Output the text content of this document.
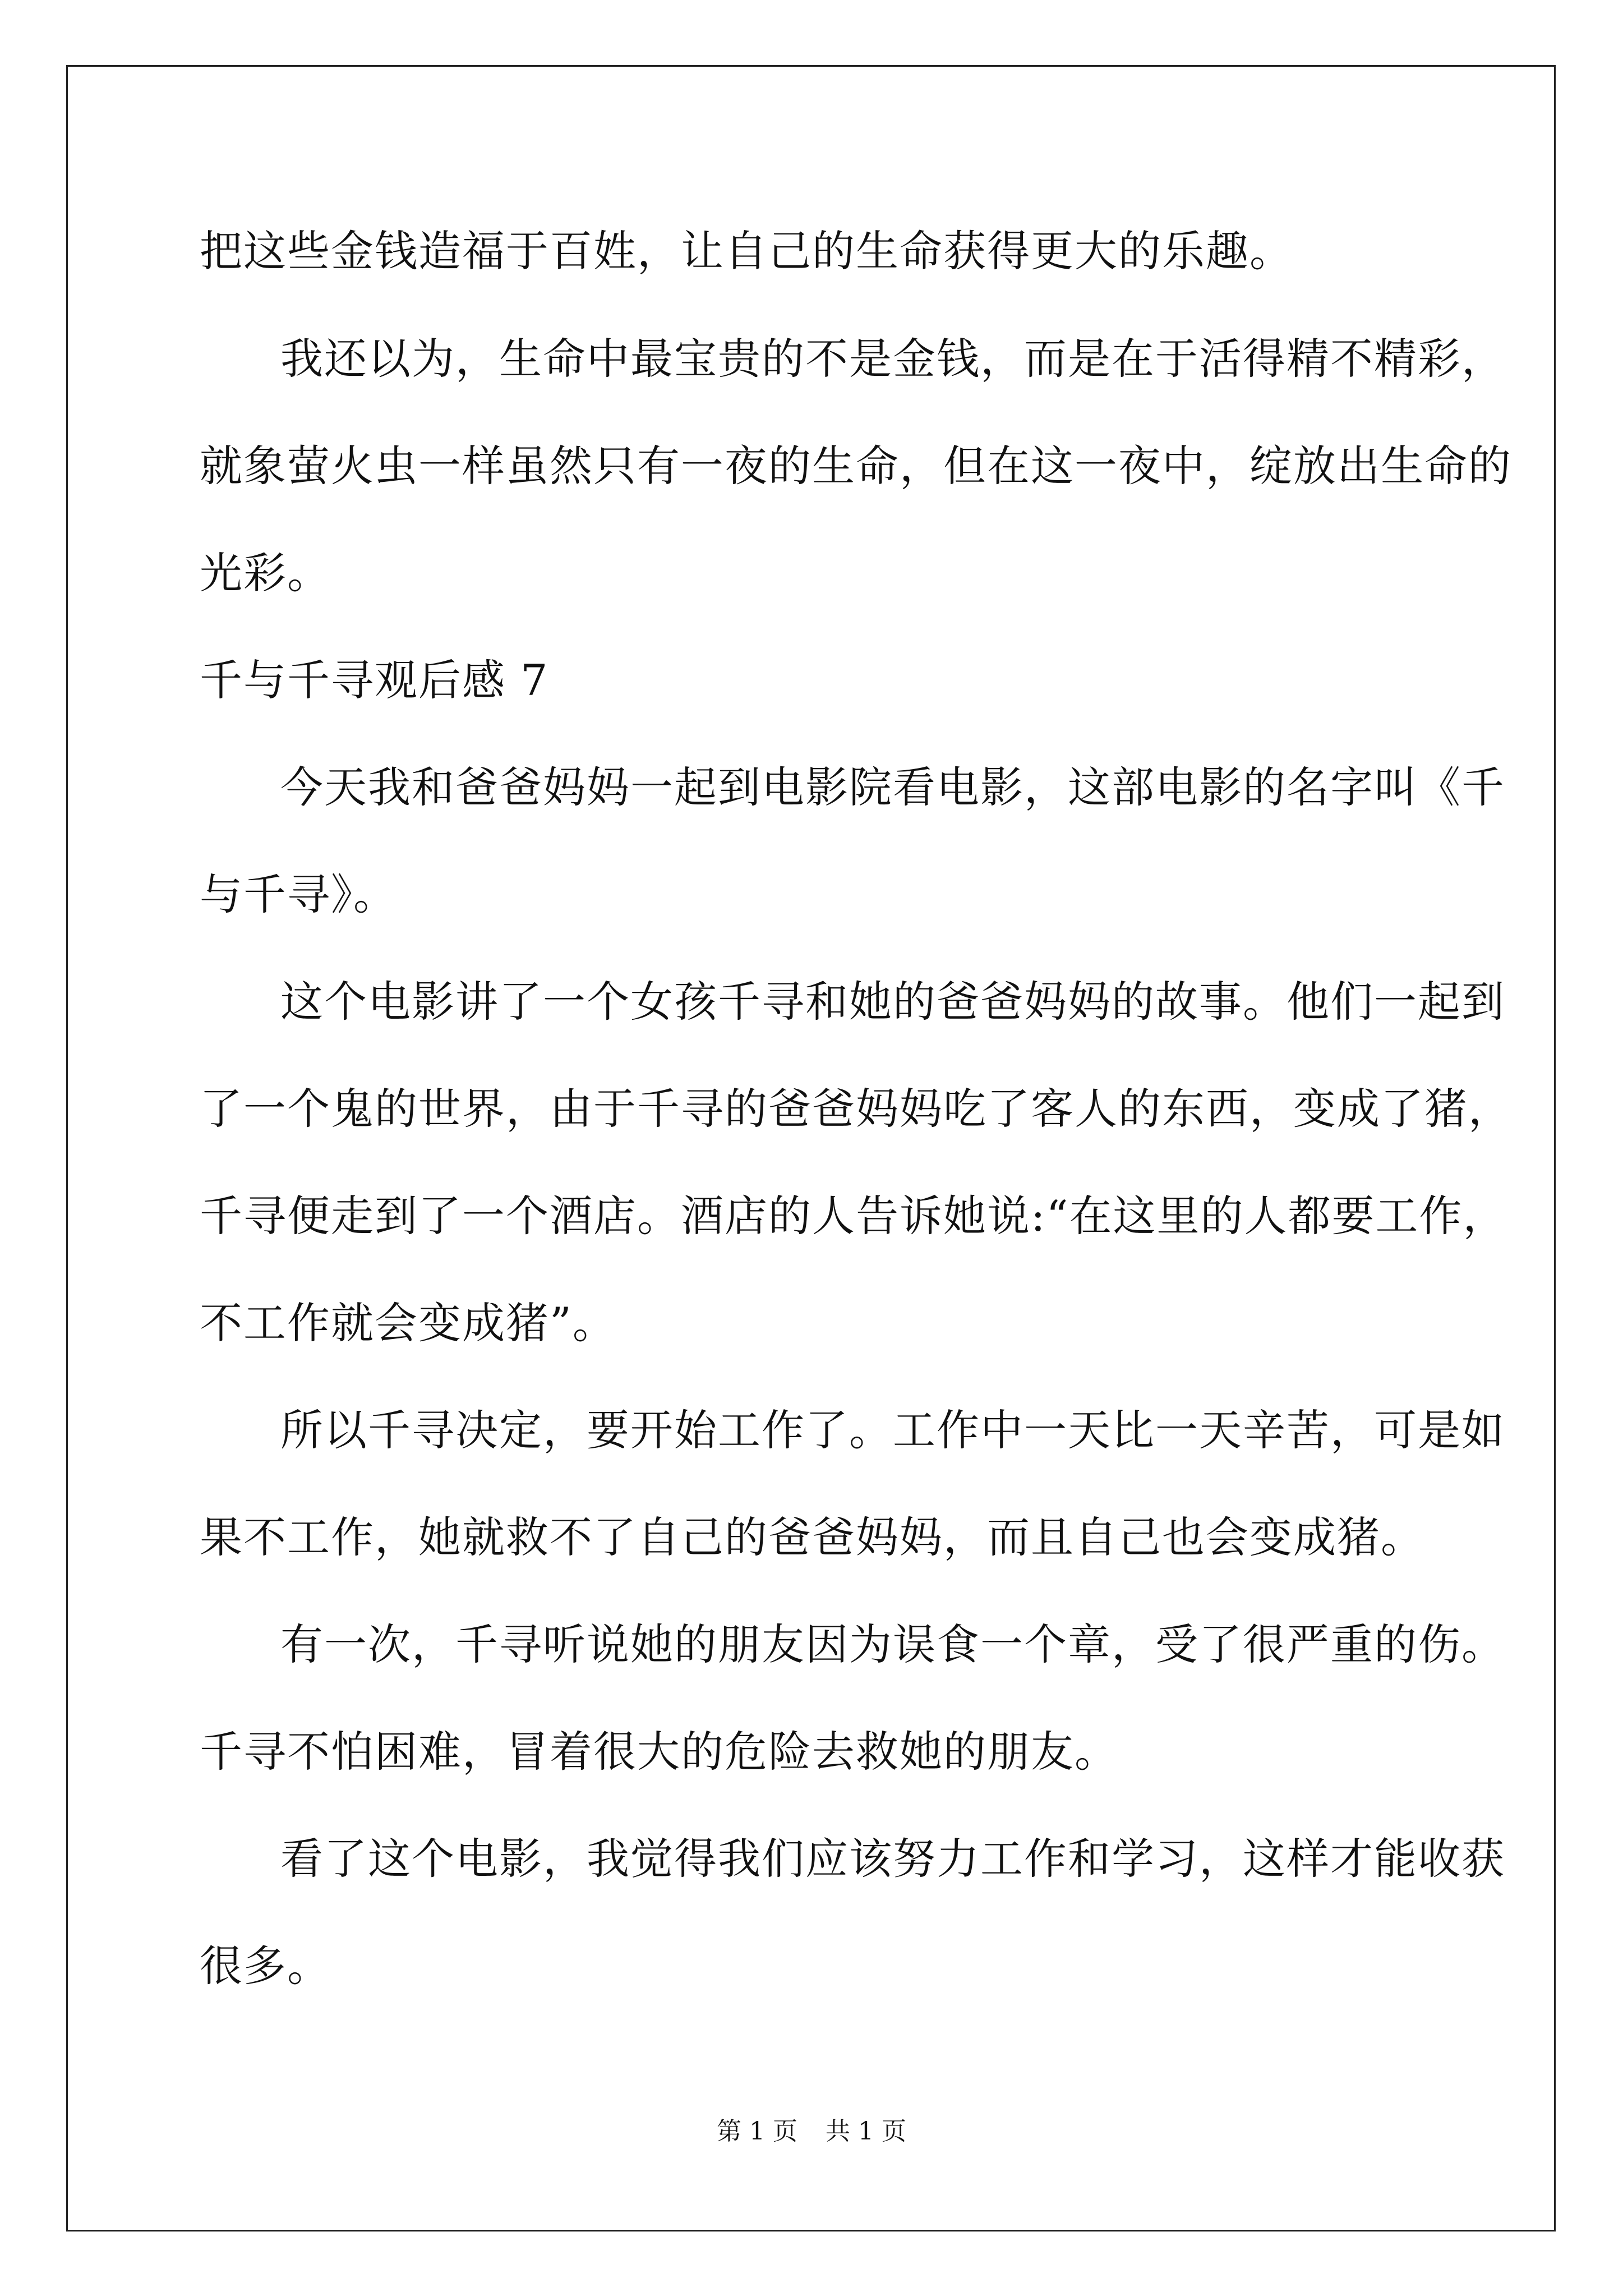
把这些金钱造福于百姓，让自己的生命获得更大的乐趣。
我还以为，生命中最宝贵的不是金钱，而是在于活得精不精彩，
就象萤火虫一样虽然只有一夜的生命，但在这一夜中，绽放出生命的
光彩。
千与千寻观后感 7
今天我和爸爸妈妈一起到电影院看电影，这部电影的名字叫《千
与千寻》。
这个电影讲了一个女孩千寻和她的爸爸妈妈的故事。他们一起到
了一个鬼的世界，由于千寻的爸爸妈妈吃了客人的东西，变成了猪，
千寻便走到了一个酒店。酒店的人告诉她说:“在这里的人都要工作，
不工作就会变成猪”。
所以千寻决定，要开始工作了。工作中一天比一天辛苦，可是如
果不工作，她就救不了自己的爸爸妈妈，而且自己也会变成猪。
有一次，千寻听说她的朋友因为误食一个章，受了很严重的伤。
千寻不怕困难，冒着很大的危险去救她的朋友。
看了这个电影，我觉得我们应该努力工作和学习，这样才能收获
很多。
第 1 页 共 1 页
